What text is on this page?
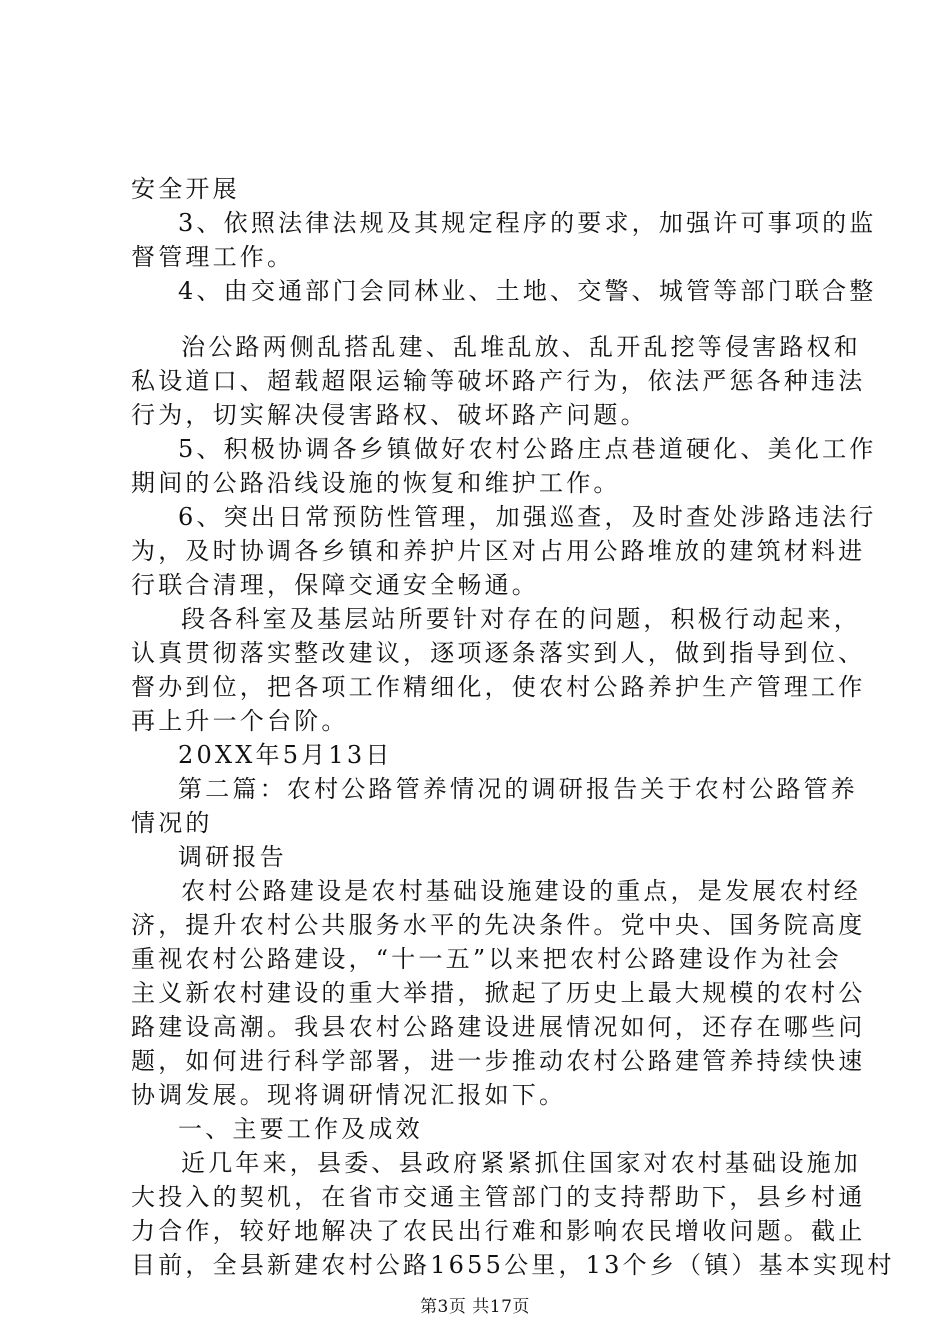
安全开展
3、依照法律法规及其规定程序的要求，加强许可事项的监
督管理工作。
4、由交通部门会同林业、土地、交警、城管等部门联合整
治公路两侧乱搭乱建、乱堆乱放、乱开乱挖等侵害路权和
私设道口、超载超限运输等破坏路产行为，依法严惩各种违法
行为，切实解决侵害路权、破坏路产问题。
5、积极协调各乡镇做好农村公路庄点巷道硬化、美化工作
期间的公路沿线设施的恢复和维护工作。
6、突出日常预防性管理，加强巡查，及时查处涉路违法行
为，及时协调各乡镇和养护片区对占用公路堆放的建筑材料进
行联合清理，保障交通安全畅通。
段各科室及基层站所要针对存在的问题，积极行动起来，
认真贯彻落实整改建议，逐项逐条落实到人，做到指导到位、
督办到位，把各项工作精细化，使农村公路养护生产管理工作
再上升一个台阶。
20XX年5月13日
第二篇：农村公路管养情况的调研报告关于农村公路管养
情况的
调研报告
农村公路建设是农村基础设施建设的重点，是发展农村经
济，提升农村公共服务水平的先决条件。党中央、国务院高度
重视农村公路建设，“十一五”以来把农村公路建设作为社会
主义新农村建设的重大举措，掀起了历史上最大规模的农村公
路建设高潮。我县农村公路建设进展情况如何，还存在哪些问
题，如何进行科学部署，进一步推动农村公路建管养持续快速
协调发展。现将调研情况汇报如下。
一、主要工作及成效
近几年来，县委、县政府紧紧抓住国家对农村基础设施加
大投入的契机，在省市交通主管部门的支持帮助下，县乡村通
力合作，较好地解决了农民出行难和影响农民增收问题。截止
目前，全县新建农村公路1655公里，13个乡（镇）基本实现村
第3页 共17页
